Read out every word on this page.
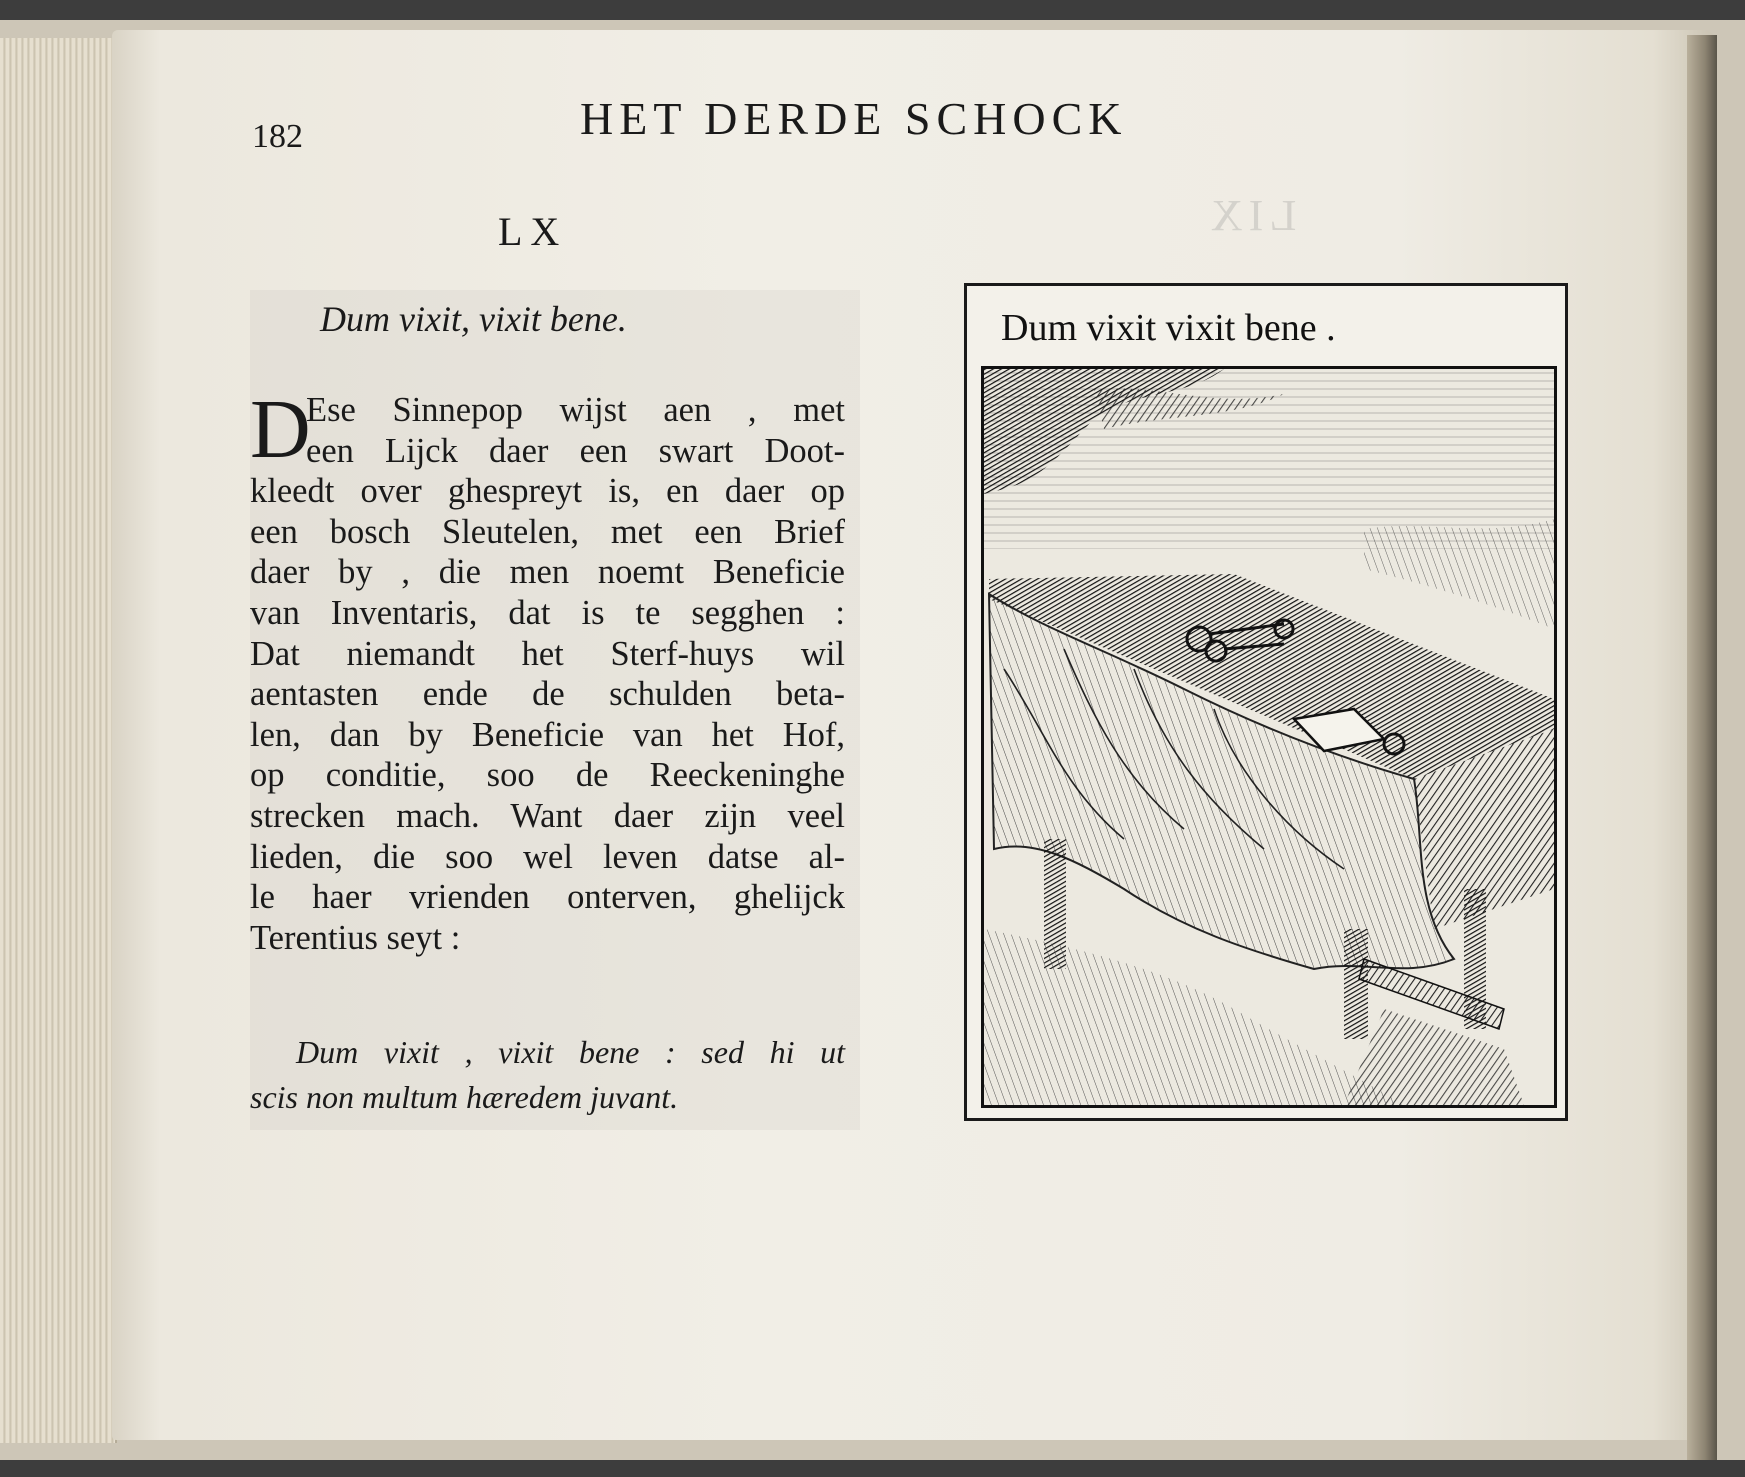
LIX

182	HET DERDE SCHOCK
LX
Dum vixit, vixit bene.
D
Ese Sinnepop wijst aen , met
een Lijck daer een swart Doot-
kleedt over ghespreyt is, en daer op
een bosch Sleutelen, met een Brief
daer by , die men noemt Beneficie
van Inventaris, dat is te segghen :
Dat niemandt het Sterf-huys wil
aentasten ende de schulden beta-
len, dan by Beneficie van het Hof,
op conditie, soo de Reeckeninghe
strecken mach. Want daer zijn veel
lieden, die soo wel leven datse al-
le haer vrienden onterven, ghelijck
Terentius seyt :
Dum vixit , vixit bene : sed hi ut
scis non multum hæredem juvant.
Dum vixit vixit bene .
